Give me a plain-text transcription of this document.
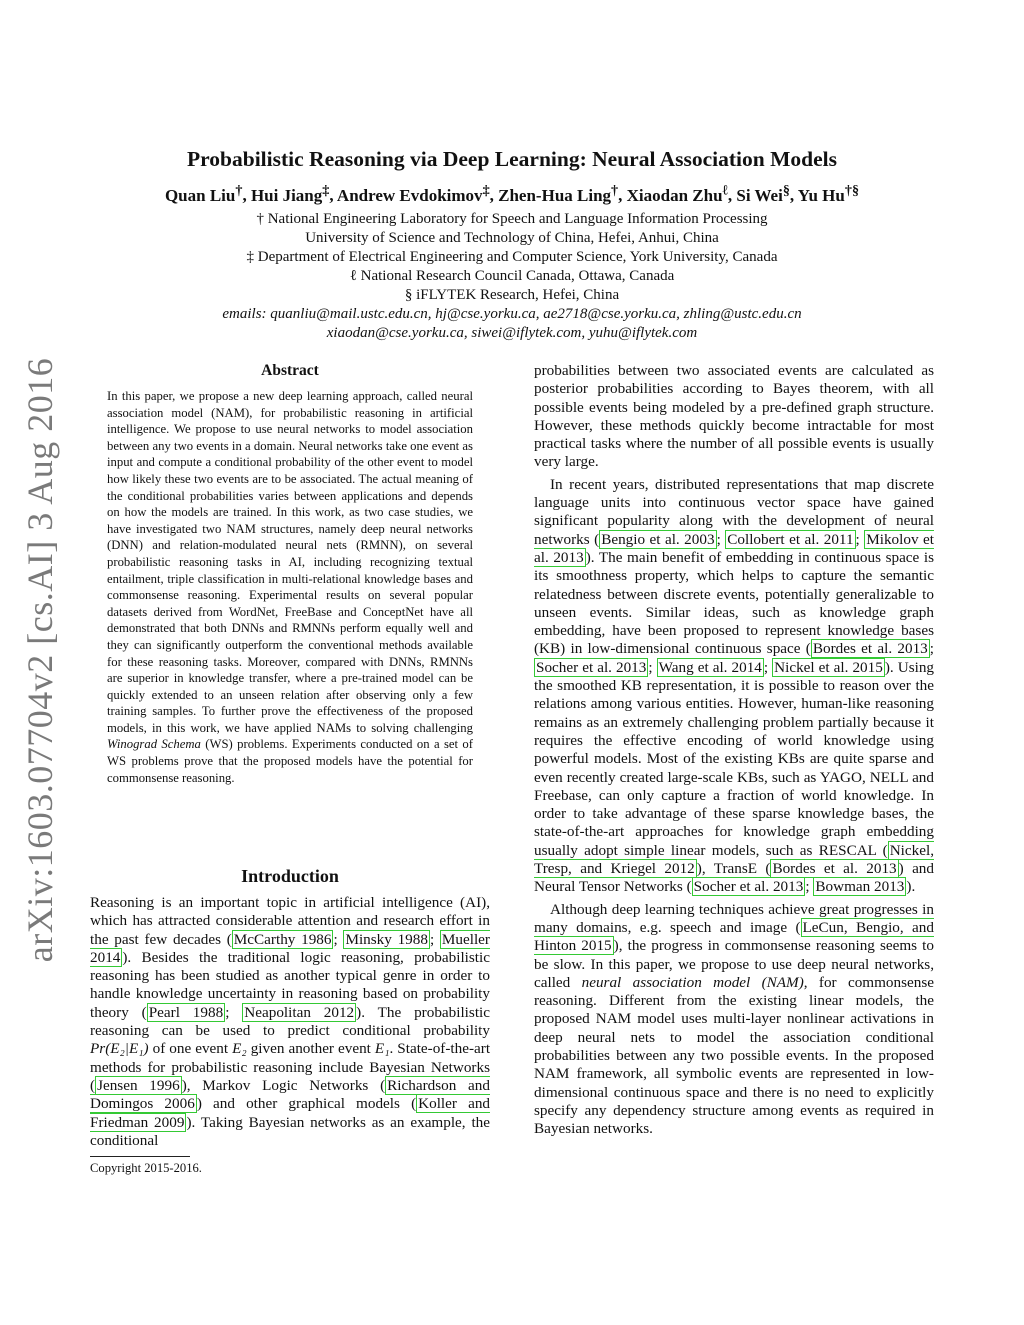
arXiv:1603.07704v2 [cs.AI] 3 Aug 2016
Probabilistic Reasoning via Deep Learning: Neural Association Models
Quan Liu†, Hui Jiang‡, Andrew Evdokimov‡, Zhen-Hua Ling†, Xiaodan Zhu$^\ell$, Si Wei§, Yu Hu†§
† National Engineering Laboratory for Speech and Language Information Processing
University of Science and Technology of China, Hefei, Anhui, China
‡ Department of Electrical Engineering and Computer Science, York University, Canada
ℓ National Research Council Canada, Ottawa, Canada
§ iFLYTEK Research, Hefei, China
emails: quanliu@mail.ustc.edu.cn, hj@cse.yorku.ca, ae2718@cse.yorku.ca, zhling@ustc.edu.cn
xiaodan@cse.yorku.ca, siwei@iflytek.com, yuhu@iflytek.com
Abstract

In this paper, we propose a new deep learning approach, called neural association model (NAM), for probabilistic reasoning in artificial intelligence. We propose to use neural networks to model association between any two events in a domain. Neural networks take one event as input and compute a conditional probability of the other event to model how likely these two events are to be associated. The actual meaning of the conditional probabilities varies between applications and depends on how the models are trained. In this work, as two case studies, we have investigated two NAM structures, namely deep neural networks (DNN) and relation-modulated neural nets (RMNN), on several probabilistic reasoning tasks in AI, including recognizing textual entailment, triple classification in multi-relational knowledge bases and commonsense reasoning. Experimental results on several popular datasets derived from WordNet, FreeBase and ConceptNet have all demonstrated that both DNNs and RMNNs perform equally well and they can significantly outperform the conventional methods available for these reasoning tasks. Moreover, compared with DNNs, RMNNs are superior in knowledge transfer, where a pre-trained model can be quickly extended to an unseen relation after observing only a few training samples. To further prove the effectiveness of the proposed models, in this work, we have applied NAMs to solving challenging Winograd Schema (WS) problems. Experiments conducted on a set of WS problems prove that the proposed models have the potential for commonsense reasoning.

Introduction

Reasoning is an important topic in artificial intelligence (AI), which has attracted considerable attention and research effort in the past few decades ( McCarthy 1986 ; Minsky 1988 ; Mueller 2014 ). Besides the traditional logic reasoning, probabilistic reasoning has been studied as another typical genre in order to handle knowledge uncertainty in reasoning based on probability theory ( Pearl 1988 ; Neapolitan 2012 ). The probabilistic reasoning can be used to predict conditional probability Pr(E₂|E₁) of one event E₂ given another event E₁. State-of-the-art methods for probabilistic reasoning include Bayesian Networks ( Jensen 1996 ), Markov Logic Networks ( Richardson and Domingos 2006 ) and other graphical models ( Koller and Friedman 2009 ). Taking Bayesian networks as an example, the conditional

Copyright 2015-2016.

probabilities between two associated events are calculated as posterior probabilities according to Bayes theorem, with all possible events being modeled by a pre-defined graph structure. However, these methods quickly become intractable for most practical tasks where the number of all possible events is usually very large.

In recent years, distributed representations that map discrete language units into continuous vector space have gained significant popularity along with the development of neural networks ( Bengio et al. 2003 ; Collobert et al. 2011 ; Mikolov et al. 2013 ). The main benefit of embedding in continuous space is its smoothness property, which helps to capture the semantic relatedness between discrete events, potentially generalizable to unseen events. Similar ideas, such as knowledge graph embedding, have been proposed to represent knowledge bases (KB) in low-dimensional continuous space ( Bordes et al. 2013 ; Socher et al. 2013 ; Wang et al. 2014 ; Nickel et al. 2015 ). Using the smoothed KB representation, it is possible to reason over the relations among various entities. However, human-like reasoning remains as an extremely challenging problem partially because it requires the effective encoding of world knowledge using powerful models. Most of the existing KBs are quite sparse and even recently created large-scale KBs, such as YAGO, NELL and Freebase, can only capture a fraction of world knowledge. In order to take advantage of these sparse knowledge bases, the state-of-the-art approaches for knowledge graph embedding usually adopt simple linear models, such as RESCAL ( Nickel, Tresp, and Kriegel 2012 ), TransE ( Bordes et al. 2013 ) and Neural Tensor Networks ( Socher et al. 2013 ; Bowman 2013 ).

Although deep learning techniques achieve great progresses in many domains, e.g. speech and image ( LeCun, Bengio, and Hinton 2015 ), the progress in commonsense reasoning seems to be slow. In this paper, we propose to use deep neural networks, called neural association model (NAM), for commonsense reasoning. Different from the existing linear models, the proposed NAM model uses multi-layer nonlinear activations in deep neural nets to model the association conditional probabilities between any two possible events. In the proposed NAM framework, all symbolic events are represented in low-dimensional continuous space and there is no need to explicitly specify any dependency structure among events as required in Bayesian networks.
